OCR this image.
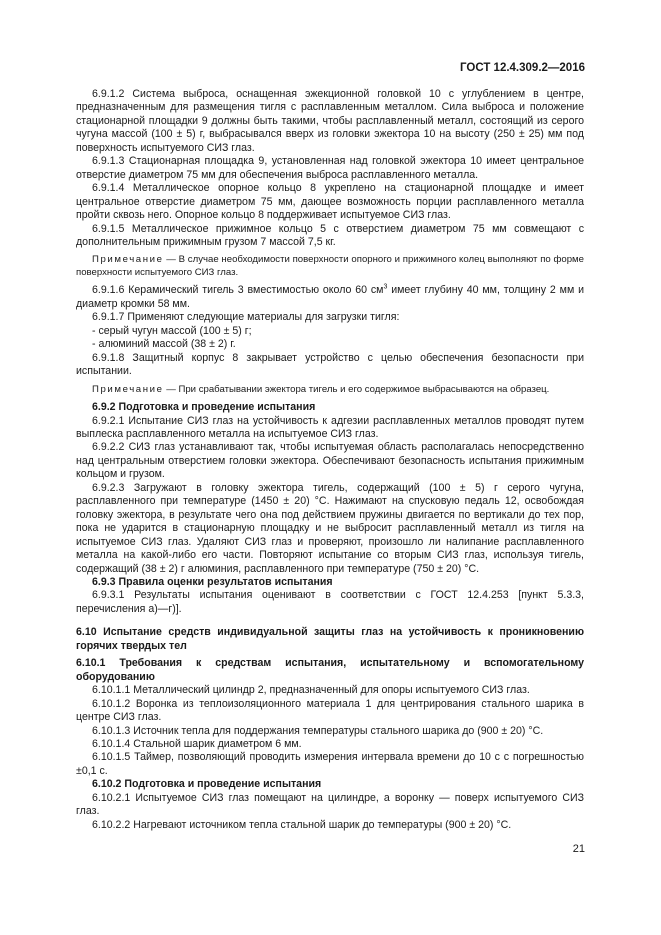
ГОСТ 12.4.309.2—2016

6.9.1.2 Система выброса, оснащенная эжекционной головкой 10 с углублением в центре, предназначенным для размещения тигля с расплавленным металлом. Сила выброса и положение стационарной площадки 9 должны быть такими, чтобы расплавленный металл, состоящий из серого чугуна массой (100 ± 5) г, выбрасывался вверх из головки эжектора 10 на высоту (250 ± 25) мм под поверхность испытуемого СИЗ глаз.

6.9.1.3 Стационарная площадка 9, установленная над головкой эжектора 10 имеет центральное отверстие диаметром 75 мм для обеспечения выброса расплавленного металла.

6.9.1.4 Металлическое опорное кольцо 8 укреплено на стационарной площадке и имеет центральное отверстие диаметром 75 мм, дающее возможность порции расплавленного металла пройти сквозь него. Опорное кольцо 8 поддерживает испытуемое СИЗ глаз.

6.9.1.5 Металлическое прижимное кольцо 5 с отверстием диаметром 75 мм совмещают с дополнительным прижимным грузом 7 массой 7,5 кг.

Примечание — В случае необходимости поверхности опорного и прижимного колец выполняют по форме поверхности испытуемого СИЗ глаз.

6.9.1.6 Керамический тигель 3 вместимостью около 60 $см^3$ имеет глубину 40 мм, толщину 2 мм и диаметр кромки 58 мм.

6.9.1.7 Применяют следующие материалы для загрузки тигля:

- серый чугун массой (100 ± 5) г;

- алюминий массой (38 ± 2) г.

6.9.1.8 Защитный корпус 8 закрывает устройство с целью обеспечения безопасности при испытании.

Примечание — При срабатывании эжектора тигель и его содержимое выбрасываются на образец.

6.9.2 Подготовка и проведение испытания

6.9.2.1 Испытание СИЗ глаз на устойчивость к адгезии расплавленных металлов проводят путем выплеска расплавленного металла на испытуемое СИЗ глаз.

6.9.2.2 СИЗ глаз устанавливают так, чтобы испытуемая область располагалась непосредственно над центральным отверстием головки эжектора. Обеспечивают безопасность испытания прижимным кольцом и грузом.

6.9.2.3 Загружают в головку эжектора тигель, содержащий (100 ± 5) г серого чугуна, расплавленного при температуре (1450 ± 20) °С. Нажимают на спусковую педаль 12, освобождая головку эжектора, в результате чего она под действием пружины двигается по вертикали до тех пор, пока не ударится в стационарную площадку и не выбросит расплавленный металл из тигля на испытуемое СИЗ глаз. Удаляют СИЗ глаз и проверяют, произошло ли налипание расплавленного металла на какой-либо его части. Повторяют испытание со вторым СИЗ глаз, используя тигель, содержащий (38 ± 2) г алюминия, расплавленного при температуре (750 ± 20) °С.

6.9.3 Правила оценки результатов испытания

6.9.3.1 Результаты испытания оценивают в соответствии с ГОСТ 12.4.253 [пункт 5.3.3, перечисления а)—г)].

6.10 Испытание средств индивидуальной защиты глаз на устойчивость к проникновению горячих твердых тел

6.10.1 Требования к средствам испытания, испытательному и вспомогательному оборудованию

6.10.1.1 Металлический цилиндр 2, предназначенный для опоры испытуемого СИЗ глаз.

6.10.1.2 Воронка из теплоизоляционного материала 1 для центрирования стального шарика в центре СИЗ глаз.

6.10.1.3 Источник тепла для поддержания температуры стального шарика до (900 ± 20) °С.

6.10.1.4 Стальной шарик диаметром 6 мм.

6.10.1.5 Таймер, позволяющий проводить измерения интервала времени до 10 с с погрешностью ±0,1 с.

6.10.2 Подготовка и проведение испытания

6.10.2.1 Испытуемое СИЗ глаз помещают на цилиндре, а воронку — поверх испытуемого СИЗ глаз.

6.10.2.2 Нагревают источником тепла стальной шарик до температуры (900 ± 20) °С.

21
